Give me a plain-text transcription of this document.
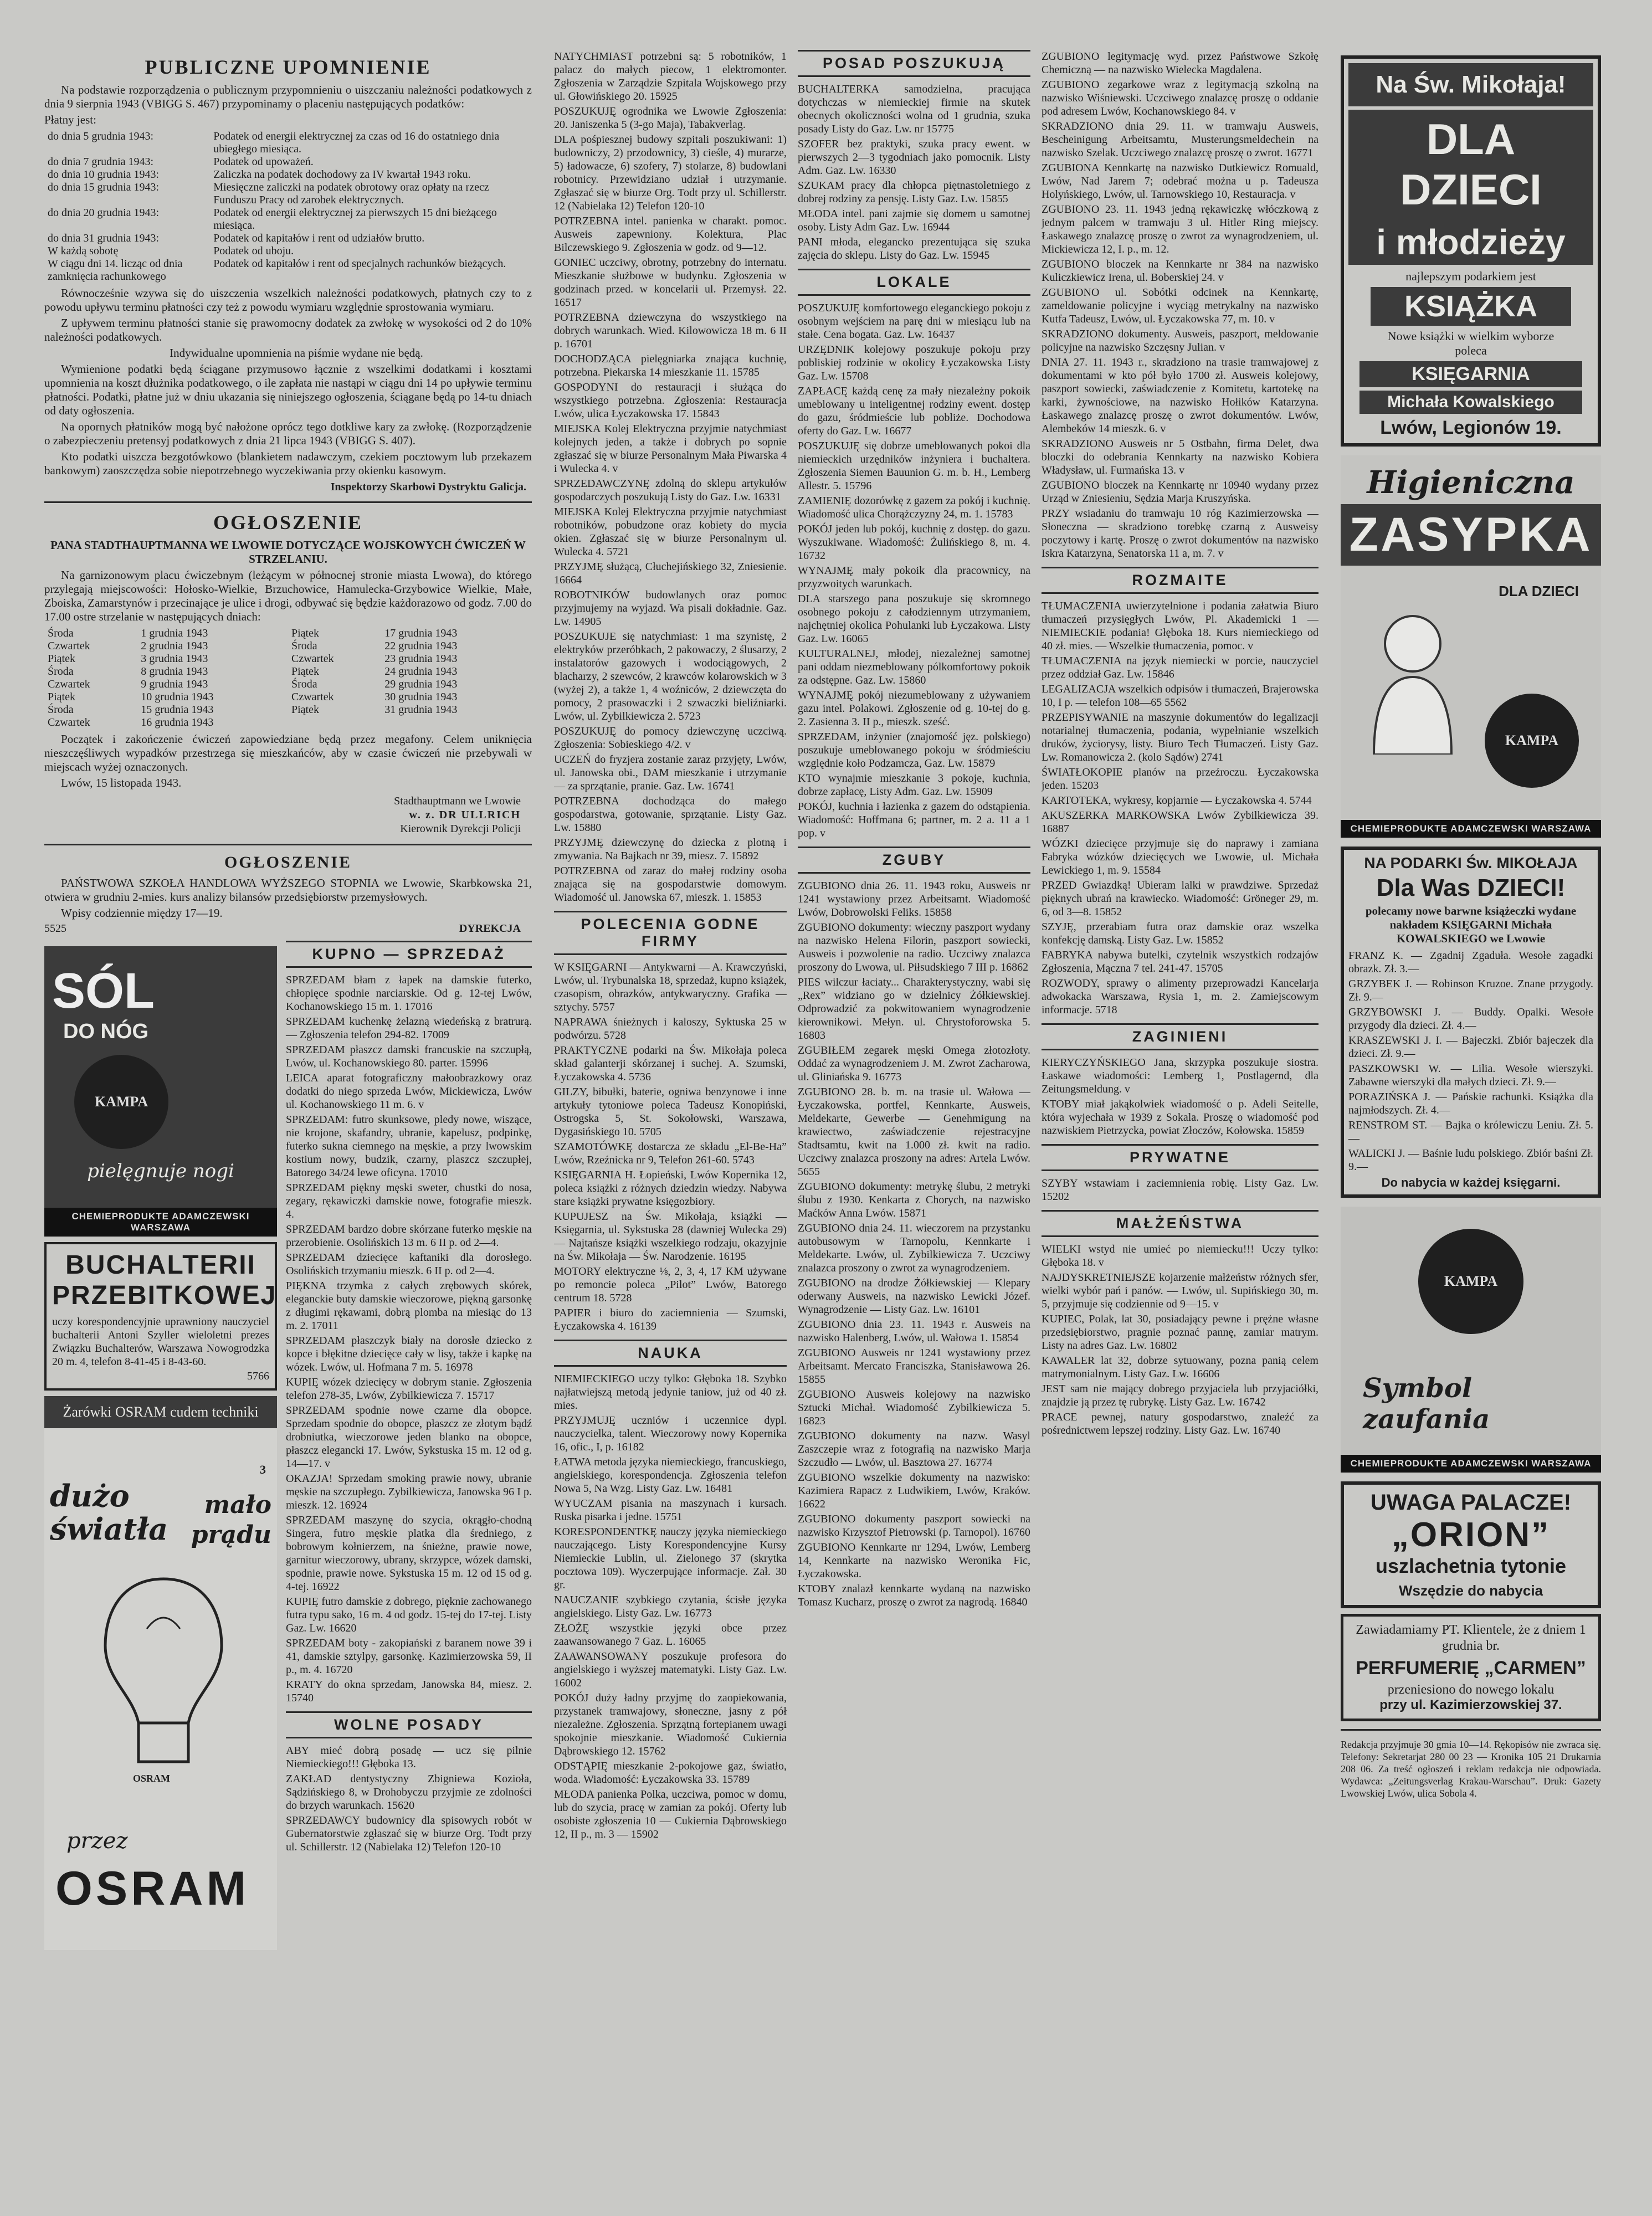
PUBLICZNE UPOMNIENIE

Na podstawie rozporządzenia o publicznym przypomnieniu o uiszczaniu należności podatkowych z dnia 9 sierpnia 1943 (VBIGG S. 467) przypominamy o placeniu następujących podatków:

Płatny jest:

do dnia 5 grudnia 1943:	Podatek od energii elektrycznej za czas od 16 do ostatniego dnia ubiegłego miesiąca.
do dnia 7 grudnia 1943:	Podatek od upoważeń.
do dnia 10 grudnia 1943:	Zaliczka na podatek dochodowy za IV kwartał 1943 roku.
do dnia 15 grudnia 1943:	Miesięczne zaliczki na podatek obrotowy oraz opłaty na rzecz Funduszu Pracy od zarobek elektrycznych.
do dnia 20 grudnia 1943:	Podatek od energii elektrycznej za pierwszych 15 dni bieżącego miesiąca.
do dnia 31 grudnia 1943:	Podatek od kapitałów i rent od udziałów brutto.
W każdą sobotę	Podatek od uboju.
W ciągu dni 14. licząc od dnia zamknięcia rachunkowego	Podatek od kapitałów i rent od specjalnych rachunków bieżących.

Równocześnie wzywa się do uiszczenia wszelkich należności podatkowych, płatnych czy to z powodu upływu terminu płatności czy też z powodu wymiaru względnie sprostowania wymiaru.

Z upływem terminu płatności stanie się prawomocny dodatek za zwłokę w wysokości od 2 do 10% należności podatkowych.

Indywidualne upomnienia na piśmie wydane nie będą.

Wymienione podatki będą ściągane przymusowo łącznie z wszelkimi dodatkami i kosztami upomnienia na koszt dłużnika podatkowego, o ile zapłata nie nastąpi w ciągu dni 14 po upływie terminu płatności. Podatki, płatne już w dniu ukazania się niniejszego ogłoszenia, ściągane będą po 14-tu dniach od daty ogłoszenia.

Na opornych płatników mogą być nałożone oprócz tego dotkliwe kary za zwłokę. (Rozporządzenie o zabezpieczeniu pretensyj podatkowych z dnia 21 lipca 1943 (VBIGG S. 407).

Kto podatki uiszcza bezgotówkowo (blankietem nadawczym, czekiem pocztowym lub przekazem bankowym) zaoszczędza sobie niepotrzebnego wyczekiwania przy okienku kasowym.

Inspektorzy Skarbowi Dystryktu Galicja.
OGŁOSZENIE

PANA STADTHAUPTMANNA WE LWOWIE DOTYCZĄCE WOJSKOWYCH ĆWICZEŃ W STRZELANIU.

Na garnizonowym placu ćwiczebnym (leżącym w północnej stronie miasta Lwowa), do którego przylegają miejscowości: Hołosko-Wielkie, Brzuchowice, Hamulecka-Grzybowice Wielkie, Małe, Zboiska, Zamarstynów i przecinające je ulice i drogi, odbywać się będzie każdorazowo od godz. 7.00 do 17.00 ostre strzelanie w następujących dniach:

Środa	1 grudnia 1943	Piątek	17 grudnia 1943
Czwartek	2 grudnia 1943	Środa	22 grudnia 1943
Piątek	3 grudnia 1943	Czwartek	23 grudnia 1943
Środa	8 grudnia 1943	Piątek	24 grudnia 1943
Czwartek	9 grudnia 1943	Środa	29 grudnia 1943
Piątek	10 grudnia 1943	Czwartek	30 grudnia 1943
Środa	15 grudnia 1943	Piątek	31 grudnia 1943
Czwartek	16 grudnia 1943		

Początek i zakończenie ćwiczeń zapowiedziane będą przez megafony. Celem uniknięcia nieszczęśliwych wypadków przestrzega się mieszkańców, aby w czasie ćwiczeń nie przebywali w miejscach wyżej oznaczonych.

Lwów, 15 listopada 1943.

Stadthauptmann we Lwowie
w. z. DR ULLRICH
Kierownik Dyrekcji Policji
OGŁOSZENIE

PAŃSTWOWA SZKOŁA HANDLOWA WYŻSZEGO STOPNIA we Lwowie, Skarbkowska 21, otwiera w grudniu 2-mies. kurs analizy bilansów przedsiębiorstw przemysłowych.

Wpisy codziennie między 17—19.

5525	DYREKCJA
SÓL
DO NÓG
KAMPA
pielęgnuje nogi
CHEMIEPRODUKTE ADAMCZEWSKI WARSZAWA
BUCHALTERII
PRZEBITKOWEJ

uczy korespondencyjnie uprawniony nauczyciel buchalterii Antoni Szyller wieloletni prezes Związku Buchalterów, Warszawa Nowogrodzka 20 m. 4, telefon 8-41-45 i 8-43-60.

5766
Żarówki OSRAM cudem techniki
dużo światła
mało prądu
3
OSRAM
przez
OSRAM
KUPNO — SPRZEDAŻ

SPRZEDAM błam z łapek na damskie futerko, chłopięce spodnie narciarskie. Od g. 12-tej Lwów, Kochanowskiego 15 m. 1. 17016

SPRZEDAM kuchenkę żelazną wiedeńską z bratrurą. — Zgłoszenia telefon 294-82. 17009

SPRZEDAM płaszcz damski francuskie na szczupłą, Lwów, ul. Kochanowskiego 80. parter. 15996

LEICA aparat fotograficzny małoobrazkowy oraz dodatki do niego sprzeda Lwów, Mickiewicza, Lwów ul. Kochanowskiego 11 m. 6. v

SPRZEDAM: futro skunksowe, pledy nowe, wiszące, nie krojone, skafandry, ubranie, kapelusz, podpinkę, futerko sukna ciemnego na męskie, a przy lwowskim kostium nowy, budzik, czarny, plaszcz szczupłej, Batorego 34/24 lewe oficyna. 17010

SPRZEDAM piękny męski sweter, chustki do nosa, zegary, rękawiczki damskie nowe, fotografie mieszk. 4.

SPRZEDAM bardzo dobre skórzane futerko męskie na przerobienie. Osolińskich 13 m. 6 II p. od 2—4.

SPRZEDAM dziecięce kaftaniki dla dorosłego. Osolińskich trzymaniu mieszk. 6 II p. od 2—4.

PIĘKNA trzymka z całych zrębowych skórek, eleganckie buty damskie wieczorowe, piękną garsonkę z długimi rękawami, dobrą plomba na miesiąc do 13 m. 2. 17011

SPRZEDAM płaszczyk biały na dorosłe dziecko z kopce i błękitne dziecięce cały w lisy, także i kapkę na wózek. Lwów, ul. Hofmana 7 m. 5. 16978

KUPIĘ wózek dziecięcy w dobrym stanie. Zgłoszenia telefon 278-35, Lwów, Zybilkiewicza 7. 15717

SPRZEDAM spodnie nowe czarne dla obopce. Sprzedam spodnie do obopce, płaszcz ze złotym bądź drobniutka, wieczorowe jeden blanko na obopce, płaszcz elegancki 17. Lwów, Sykstuska 15 m. 12 od g. 14—17. v

OKAZJA! Sprzedam smoking prawie nowy, ubranie męskie na szczupłego. Zybilkiewicza, Janowska 96 I p. mieszk. 12. 16924

SPRZEDAM maszynę do szycia, okrągło-chodną Singera, futro męskie platka dla średniego, z bobrowym kołnierzem, na śnieżne, prawie nowe, garnitur wieczorowy, ubrany, skrzypce, wózek damski, spodnie, prawie nowe. Sykstuska 15 m. 12 od 15 od g. 4-tej. 16922

KUPIĘ futro damskie z dobrego, pięknie zachowanego futra typu sako, 16 m. 4 od godz. 15-tej do 17-tej. Listy Gaz. Lw. 16620

SPRZEDAM boty - zakopiański z baranem nowe 39 i 41, damskie sztylpy, garsonkę. Kazimierzowska 59, II p., m. 4. 16720

KRATY do okna sprzedam, Janowska 84, miesz. 2. 15740

WOLNE POSADY

ABY mieć dobrą posadę — ucz się pilnie Niemieckiego!!! Głęboka 13.

ZAKŁAD dentystyczny Zbigniewa Kozioła, Sądzińskiego 8, w Drohobyczu przyjmie ze zdolności do brzych warunkach. 15620

SPRZEDAWCY budownicy dla spisowych robót w Gubernatorstwie zgłaszać się w biurze Org. Todt przy ul. Schillerstr. 12 (Nabielaka 12) Telefon 120-10

NATYCHMIAST potrzebni są: 5 robotników, 1 palacz do małych piecow, 1 elektromonter. Zgłoszenia w Zarządzie Szpitala Wojskowego przy ul. Głowińskiego 20. 15925

POSZUKUJĘ ogrodnika we Lwowie Zgłoszenia: 20. Janiszenka 5 (3-go Maja), Tabakverlag.

DLA pośpiesznej budowy szpitali poszukiwani: 1) budowniczy, 2) przodownicy, 3) cieśle, 4) murarze, 5) ładowacze, 6) szofery, 7) stolarze, 8) budowlani robotnicy. Przewidziano udział i utrzymanie. Zgłaszać się w biurze Org. Todt przy ul. Schillerstr. 12 (Nabielaka 12) Telefon 120-10

POTRZEBNA intel. panienka w charakt. pomoc. Ausweis zapewniony. Kolektura, Plac Bilczewskiego 9. Zgłoszenia w godz. od 9—12.

GONIEC uczciwy, obrotny, potrzebny do internatu. Mieszkanie służbowe w budynku. Zgłoszenia w godzinach przed. w koncelarii ul. Przemysł. 22. 16517

POTRZEBNA dziewczyna do wszystkiego na dobrych warunkach. Wied. Kilowowicza 18 m. 6 II p. 16701

DOCHODZĄCA pielęgniarka znająca kuchnię, potrzebna. Piekarska 14 mieszkanie 11. 15785

GOSPODYNI do restauracji i służąca do wszystkiego potrzebna. Zgłoszenia: Restauracja Lwów, ulica Łyczakowska 17. 15843

MIEJSKA Kolej Elektryczna przyjmie natychmiast kolejnych jeden, a także i dobrych po sopnie zgłaszać się w biurze Personalnym Mała Piwarska 4 i Wulecka 4. v

SPRZEDAWCZYNĘ zdolną do sklepu artykułów gospodarczych poszukują Listy do Gaz. Lw. 16331

MIEJSKA Kolej Elektryczna przyjmie natychmiast robotników, pobudzone oraz kobiety do mycia okien. Zgłaszać się w biurze Personalnym ul. Wulecka 4. 5721

PRZYJMĘ służącą, Cłuchejińskiego 32, Zniesienie. 16664

ROBOTNIKÓW budowlanych oraz pomoc przyjmujemy na wyjazd. Wa pisali dokładnie. Gaz. Lw. 14905

POSZUKUJE się natychmiast: 1 ma szynistę, 2 elektryków przeróbkach, 2 pakowaczy, 2 ślusarzy, 2 instalatorów gazowych i wodociągowych, 2 blacharzy, 2 szewców, 2 krawców kolarowskich w 3 (wyżej 2), a także 1, 4 woźniców, 2 dziewczęta do pomocy, 2 prasowaczki i 2 szwaczki bieliźniarki. Lwów, ul. Zybilkiewicza 2. 5723

POSZUKUJĘ do pomocy dziewczynę uczciwą. Zgłoszenia: Sobieskiego 4/2. v

UCZEŃ do fryzjera zostanie zaraz przyjęty, Lwów, ul. Janowska obi., DAM mieszkanie i utrzymanie — za sprzątanie, pranie. Gaz. Lw. 16741

POTRZEBNA dochodząca do małego gospodarstwa, gotowanie, sprzątanie. Listy Gaz. Lw. 15880

PRZYJMĘ dziewczynę do dziecka z plotną i zmywania. Na Bajkach nr 39, miesz. 7. 15892

POTRZEBNA od zaraz do małej rodziny osoba znająca się na gospodarstwie domowym. Wiadomość ul. Janowska 67, mieszk. 1. 15853

POLECENIA GODNE FIRMY

W KSIĘGARNI — Antykwarni — A. Krawczyński, Lwów, ul. Trybunalska 18, sprzedaż, kupno książek, czasopism, obrazków, antykwaryczny. Grafika — sztychy. 5757

NAPRAWA śnieżnych i kaloszy, Syktuska 25 w podwórzu. 5728

PRAKTYCZNE podarki na Św. Mikołaja poleca skład galanterji skórzanej i suchej. A. Szumski, Łyczakowska 4. 5736

GILZY, bibułki, baterie, ogniwa benzynowe i inne artykuły tytoniowe poleca Tadeusz Konopiński, Ostrogska 5, St. Sokołowski, Warszawa, Dygasińskiego 10. 5705

SZAMOTÓWKĘ dostarcza ze składu „El-Be-Ha” Lwów, Rzeźnicka nr 9, Telefon 261-60. 5743

KSIĘGARNIA H. Łopieński, Lwów Kopernika 12, poleca książki z różnych dziedzin wiedzy. Nabywa stare książki prywatne księgozbiory.

KUPUJESZ na Św. Mikołaja, książki — Księgarnia, ul. Sykstuska 28 (dawniej Wulecka 29) — Najtańsze książki wszelkiego rodzaju, okazyjnie na Św. Mikołaja — Św. Narodzenie. 16195

MOTORY elektryczne ⅛, 2, 3, 4, 17 KM używane po remoncie poleca „Pilot” Lwów, Batorego centrum 18. 5728

PAPIER i biuro do zaciemnienia — Szumski, Łyczakowska 4. 16139

NAUKA

NIEMIECKIEGO uczy tylko: Głęboka 18. Szybko najłatwiejszą metodą jedynie taniow, już od 40 zł. mies.

PRZYJMUJĘ uczniów i uczennice dypl. nauczycielka, talent. Wieczorowy nowy Kopernika 16, ofic., I, p. 16182

ŁATWA metoda języka niemieckiego, francuskiego, angielskiego, korespondencja. Zgłoszenia telefon Nowa 5, Na Wzg. Listy Gaz. Lw. 16481

WYUCZAM pisania na maszynach i kursach. Ruska pisarka i jedne. 15751

KORESPONDENTKĘ nauczy języka niemieckiego nauczającego. Listy Korespondencyjne Kursy Niemieckie Lublin, ul. Zielonego 37 (skrytka pocztowa 109). Wyczerpujące informacje. Zał. 30 gr.

NAUCZANIE szybkiego czytania, ścisłe języka angielskiego. Listy Gaz. Lw. 16773

ZŁOŻĘ wszystkie języki obce przez zaawansowanego 7 Gaz. L. 16065

ZAAWANSOWANY poszukuje profesora do angielskiego i wyższej matematyki. Listy Gaz. Lw. 16002

POKÓJ duży ładny przyjmę do zaopiekowania, przystanek tramwajowy, słoneczne, jasny z pół niezależne. Zgłoszenia. Sprzątną fortepianem uwagi spokojnie mieszkanie. Wiadomość Cukiernia Dąbrowskiego 12. 15762

ODSTĄPIĘ mieszkanie 2-pokojowe gaz, światło, woda. Wiadomość: Łyczakowska 33. 15789

MŁODA panienka Polka, uczciwa, pomoc w domu, lub do szycia, pracę w zamian za pokój. Oferty lub osobiste zgłoszenia 10 — Cukiernia Dąbrowskiego 12, II p., m. 3 — 15902

POSAD POSZUKUJĄ

BUCHALTERKA samodzielna, pracująca dotychczas w niemieckiej firmie na skutek obecnych okoliczności wolna od 1 grudnia, szuka posady Listy do Gaz. Lw. nr 15775

SZOFER bez praktyki, szuka pracy ewent. w pierwszych 2—3 tygodniach jako pomocnik. Listy Adm. Gaz. Lw. 16330

SZUKAM pracy dla chłopca piętnastoletniego z dobrej rodziny za pensję. Listy Gaz. Lw. 15855

MŁODA intel. pani zajmie się domem u samotnej osoby. Listy Adm Gaz. Lw. 16944

PANI młoda, elegancko prezentująca się szuka zajęcia do sklepu. Listy do Gaz. Lw. 15945

LOKALE

POSZUKUJĘ komfortowego eleganckiego pokoju z osobnym wejściem na parę dni w miesiącu lub na stałe. Cena bogata. Gaz. Lw. 16437

URZĘDNIK kolejowy poszukuje pokoju przy pobliskiej rodzinie w okolicy Łyczakowska Listy Gaz. Lw. 15708

ZAPŁACĘ każdą cenę za mały niezależny pokoik umeblowany u inteligentnej rodziny ewent. dostęp do gazu, śródmieście lub pobliże. Dochodowa oferty do Gaz. Lw. 16677

POSZUKUJĘ się dobrze umeblowanych pokoi dla niemieckich urzędników inżyniera i buchaltera. Zgłoszenia Siemen Bauunion G. m. b. H., Lemberg Allestr. 5. 15796

ZAMIENIĘ dozorówkę z gazem za pokój i kuchnię. Wiadomość ulica Chorążczyzny 24, m. 1. 15783

POKÓJ jeden lub pokój, kuchnię z dostęp. do gazu. Wyszukiwane. Wiadomość: Żulińskiego 8, m. 4. 16732

WYNAJMĘ mały pokoik dla pracownicy, na przyzwoitych warunkach.

DLA starszego pana poszukuje się skromnego osobnego pokoju z całodziennym utrzymaniem, najchętniej okolica Pohulanki lub Łyczakowa. Listy Gaz. Lw. 16065

KULTURALNEJ, młodej, niezależnej samotnej pani oddam niezmeblowany pólkomfortowy pokoik za odstępne. Gaz. Lw. 15860

WYNAJMĘ pokój niezumeblowany z używaniem gazu intel. Polakowi. Zgłoszenie od g. 10-tej do g. 2. Zasienna 3. II p., mieszk. sześć.

SPRZEDAM, inżynier (znajomość jęz. polskiego) poszukuje umeblowanego pokoju w śródmieściu względnie koło Podzamcza, Gaz. Lw. 15879

KTO wynajmie mieszkanie 3 pokoje, kuchnia, dobrze zapłacę, Listy Adm. Gaz. Lw. 15909

POKÓJ, kuchnia i łazienka z gazem do odstąpienia. Wiadomość: Hoffmana 6; partner, m. 2 a. 11 a 1 pop. v

ZGUBY

ZGUBIONO dnia 26. 11. 1943 roku, Ausweis nr 1241 wystawiony przez Arbeitsamt. Wiadomość Lwów, Dobrowolski Feliks. 15858

ZGUBIONO dokumenty: wieczny paszport wydany na nazwisko Helena Filorin, paszport sowiecki, Ausweis i pozwolenie na radio. Uczciwy znalazca proszony do Lwowa, ul. Piłsudskiego 7 III p. 16862

PIES wilczur łaciaty... Charakterystyczny, wabi się „Rex” widziano go w dzielnicy Żółkiewskiej. Odprowadzić za pokwitowaniem wynagrodzenie kierownikowi. Mełyn. ul. Chrystoforowska 5. 16803

ZGUBIŁEM zegarek męski Omega złotozłoty. Oddać za wynagrodzeniem J. M. Zwrot Zacharowa, ul. Gliniańska 9. 16773

ZGUBIONO 28. b. m. na trasie ul. Wałowa — Łyczakowska, portfel, Kennkarte, Ausweis, Meldekarte, Gewerbe — Genehmigung na krawiectwo, zaświadczenie rejestracyjne Stadtsamtu, kwit na 1.000 zł. kwit na radio. Uczciwy znalazca proszony na adres: Artela Lwów. 5655

ZGUBIONO dokumenty: metrykę ślubu, 2 metryki ślubu z 1930. Kenkarta z Chorych, na nazwisko Maćków Anna Lwów. 15871

ZGUBIONO dnia 24. 11. wieczorem na przystanku autobusowym w Tarnopolu, Kennkarte i Meldekarte. Lwów, ul. Zybilkiewicza 7. Uczciwy znalazca proszony o zwrot za wynagrodzeniem.

ZGUBIONO na drodze Żółkiewskiej — Klepary oderwany Ausweis, na nazwisko Lewicki Józef. Wynagrodzenie — Listy Gaz. Lw. 16101

ZGUBIONO dnia 23. 11. 1943 r. Ausweis na nazwisko Halenberg, Lwów, ul. Wałowa 1. 15854

ZGUBIONO Ausweis nr 1241 wystawiony przez Arbeitsamt. Mercato Franciszka, Stanisławowa 26. 15855

ZGUBIONO Ausweis kolejowy na nazwisko Sztucki Michał. Wiadomość Zybilkiewicza 5. 16823

ZGUBIONO dokumenty na nazw. Wasyl Zaszczepie wraz z fotografią na nazwisko Marja Szczudło — Lwów, ul. Basztowa 27. 16774

ZGUBIONO wszelkie dokumenty na nazwisko: Kazimiera Rapacz z Ludwikiem, Lwów, Kraków. 16622

ZGUBIONO dokumenty paszport sowiecki na nazwisko Krzysztof Pietrowski (p. Tarnopol). 16760

ZGUBIONO Kennkarte nr 1294, Lwów, Lemberg 14, Kennkarte na nazwisko Weronika Fic, Łyczakowska.

KTOBY znalazł kennkarte wydaną na nazwisko Tomasz Kucharz, proszę o zwrot za nagrodą. 16840

ZGUBIONO legitymację wyd. przez Państwowe Szkołę Chemiczną — na nazwisko Wielecka Magdalena.

ZGUBIONO zegarkowe wraz z legitymacją szkolną na nazwisko Wiśniewski. Uczciwego znalazcę proszę o oddanie pod adresem Lwów, Kochanowskiego 84. v

SKRADZIONO dnia 29. 11. w tramwaju Ausweis, Bescheinigung Arbeitsamtu, Musterungsmeldechein na nazwisko Szelak. Uczciwego znalazcę proszę o zwrot. 16771

ZGUBIONA Kennkartę na nazwisko Dutkiewicz Romuald, Lwów, Nad Jarem 7; odebrać można u p. Tadeusza Holyńskiego, Lwów, ul. Tarnowskiego 10, Restauracja. v

ZGUBIONO 23. 11. 1943 jedną rękawiczkę włóczkową z jednym palcem w tramwaju 3 ul. Hitler Ring miejscy. Łaskawego znalazcę proszę o zwrot za wynagrodzeniem, ul. Mickiewicza 12, I. p., m. 12.

ZGUBIONO bloczek na Kennkarte nr 384 na nazwisko Kuliczkiewicz Irena, ul. Boberskiej 24. v

ZGUBIONO ul. Sobótki odcinek na Kennkartę, zameldowanie policyjne i wyciąg metrykalny na nazwisko Kutfa Tadeusz, Lwów, ul. Łyczakowska 77, m. 10. v

SKRADZIONO dokumenty. Ausweis, paszport, meldowanie policyjne na nazwisko Szczęsny Julian. v

DNIA 27. 11. 1943 r., skradziono na trasie tramwajowej z dokumentami w kto pół było 1700 zł. Ausweis kolejowy, paszport sowiecki, zaświadczenie z Komitetu, kartotekę na karki, żywnościowe, na nazwisko Hołików Katarzyna. Łaskawego znalazcę proszę o zwrot dokumentów. Lwów, Alembeków 14 mieszk. 6. v

SKRADZIONO Ausweis nr 5 Ostbahn, firma Delet, dwa bloczki do odebrania Kennkarty na nazwisko Kobiera Władysław, ul. Furmańska 13. v

ZGUBIONO bloczek na Kennkartę nr 10940 wydany przez Urząd w Zniesieniu, Sędzia Marja Kruszyńska.

PRZY wsiadaniu do tramwaju 10 róg Kazimierzowska — Słoneczna — skradziono torebkę czarną z Ausweisy poczytowy i kartę. Proszę o zwrot dokumentów na nazwisko Iskra Katarzyna, Senatorska 11 a, m. 7. v

ROZMAITE

TŁUMACZENIA uwierzytelnione i podania załatwia Biuro tłumaczeń przysięgłych Lwów, Pl. Akademicki 1 — NIEMIECKIE podania! Głęboka 18. Kurs niemieckiego od 40 zł. mies. — Wszelkie tłumaczenia, pomoc. v

TŁUMACZENIA na język niemiecki w porcie, nauczyciel przez oddział Gaz. Lw. 15846

LEGALIZACJA wszelkich odpisów i tłumaczeń, Brajerowska 10, I p. — telefon 108—65 5562

PRZEPISYWANIE na maszynie dokumentów do legalizacji notarialnej tłumaczenia, podania, wypełnianie wszelkich druków, życiorysy, listy. Biuro Tech Tłumaczeń. Listy Gaz. Lw. Romanowicza 2. (kolo Sądów) 2741

ŚWIATŁOKOPIE planów na przeźroczu. Łyczakowska jeden. 15203

KARTOTEKA, wykresy, kopjarnie — Łyczakowska 4. 5744

AKUSZERKA MARKOWSKA Lwów Zybilkiewicza 39. 16887

WÓZKI dziecięce przyjmuje się do naprawy i zamiana Fabryka wózków dziecięcych we Lwowie, ul. Michała Lewickiego 1, m. 9. 15584

PRZED Gwiazdką! Ubieram lalki w prawdziwe. Sprzedaż pięknych ubrań na krawiecko. Wiadomość: Gröneger 29, m. 6, od 3—8. 15852

SZYJĘ, przerabiam futra oraz damskie oraz wszelka konfekcję damską. Listy Gaz. Lw. 15852

FABRYKA nabywa butelki, czytelnik wszystkich rodzajów Zgłoszenia, Mączna 7 tel. 241-47. 15705

ROZWODY, sprawy o alimenty przeprowadzi Kancelarja adwokacka Warszawa, Rysia 1, m. 2. Zamiejscowym informacje. 5718

ZAGINIENI

KIERYCZYŃSKIEGO Jana, skrzypka poszukuje siostra. Łaskawe wiadomości: Lemberg 1, Postlagernd, dla Zeitungsmeldung. v

KTOBY miał jakąkolwiek wiadomość o p. Adeli Seitelle, która wyjechała w 1939 z Sokala. Proszę o wiadomość pod nazwiskiem Pietrzycka, powiat Złoczów, Kołowska. 15859

PRYWATNE

SZYBY wstawiam i zaciemnienia robię. Listy Gaz. Lw. 15202

MAŁŻEŃSTWA

WIELKI wstyd nie umieć po niemiecku!!! Uczy tylko: Głęboka 18. v

NAJDYSKRETNIEJSZE kojarzenie małżeństw różnych sfer, wielki wybór pań i panów. — Lwów, ul. Supińskiego 30, m. 5, przyjmuje się codziennie od 9—15. v

KUPIEC, Polak, lat 30, posiadający pewne i prężne własne przedsiębiorstwo, pragnie poznać pannę, zamiar matrym. Listy na adres Gaz. Lw. 16802

KAWALER lat 32, dobrze sytuowany, pozna panią celem matrymonialnym. Listy Gaz. Lw. 16606

JEST sam nie mający dobrego przyjaciela lub przyjaciółki, znajdzie ją przez tę rubrykę. Listy Gaz. Lw. 16742

PRACE pewnej, natury gospodarstwo, znaleźć za pośrednictwem lepszej rodziny. Listy Gaz. Lw. 16740

Na Św. Mikołaja!
DLA DZIECI
i młodzieży
najlepszym podarkiem jest
KSIĄŻKA
Nowe książki w wielkim wyborze poleca
KSIĘGARNIA
Michała Kowalskiego
Lwów, Legionów 19.
Higieniczna
ZASYPKA
DLA DZIECI
KAMPA
CHEMIEPRODUKTE ADAMCZEWSKI WARSZAWA
NA PODARKI Św. MIKOŁAJA
Dla Was DZIECI!
polecamy nowe barwne książeczki wydane nakładem KSIĘGARNI Michała KOWALSKIEGO we Lwowie

FRANZ K. — Zgadnij Zgaduła. Wesołe zagadki obrazk. Zł. 3.—

GRZYBEK J. — Robinson Kruzoe. Znane przygody. Zł. 9.—

GRZYBOWSKI J. — Buddy. Opalki. Wesołe przygody dla dzieci. Zł. 4.—

KRASZEWSKI J. I. — Bajeczki. Zbiór bajeczek dla dzieci. Zł. 9.—

PASZKOWSKI W. — Lilia. Wesołe wierszyki. Zabawne wierszyki dla małych dzieci. Zł. 9.—

PORAZIŃSKA J. — Pańskie rachunki. Książka dla najmłodszych. Zł. 4.—

RENSTROM ST. — Bajka o królewiczu Leniu. Zł. 5.—

WALICKI J. — Baśnie ludu polskiego. Zbiór baśni Zł. 9.—

Do nabycia w każdej księgarni.
KAMPA
Symbol zaufania
CHEMIEPRODUKTE ADAMCZEWSKI WARSZAWA
UWAGA PALACZE!
„ORION”
uszlachetnia tytonie
Wszędzie do nabycia
Zawiadamiamy PT. Klientele, że z dniem 1 grudnia br.
PERFUMERIĘ „CARMEN”
przeniesiono do nowego lokalu
przy ul. Kazimierzowskiej 37.

Redakcja przyjmuje 30 gmia 10—14. Rękopisów nie zwraca się. Telefony: Sekretarjat 280 00 23 — Kronika 105 21 Drukarnia 208 06. Za treść ogłoszeń i reklam redakcja nie odpowiada. Wydawca: „Zeitungsverlag Krakau-Warschau”. Druk: Gazety Lwowskiej Lwów, ulica Sobola 4.
